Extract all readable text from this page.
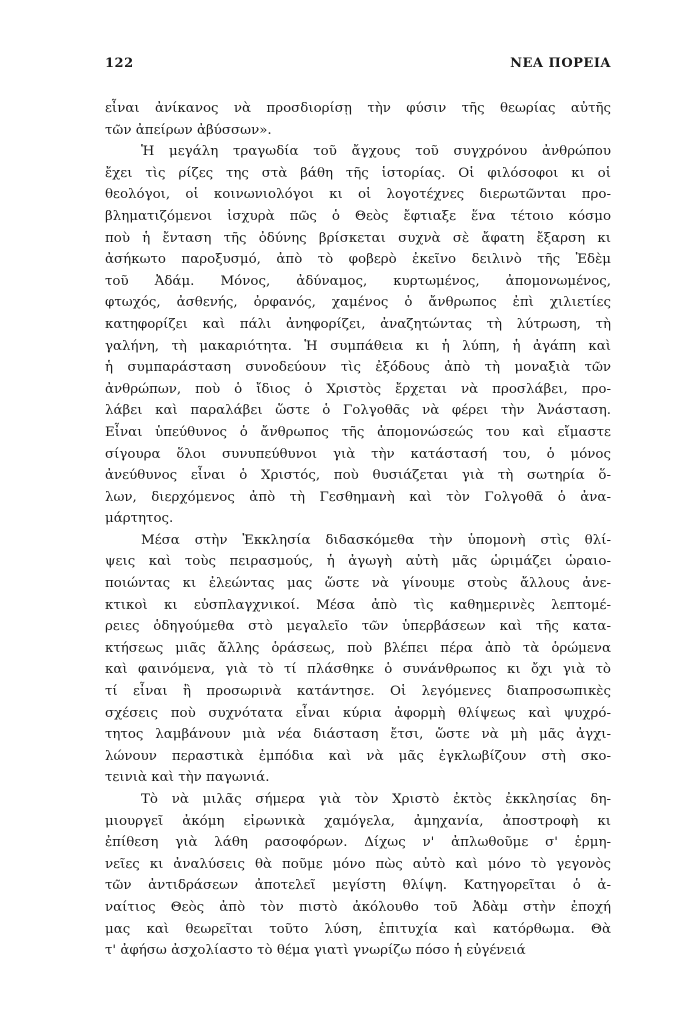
122	ΝΕΑ ΠΟΡΕΙΑ
εἶναι ἀνίκανος νὰ προσδιορίσῃ τὴν φύσιν τῆς θεωρίας αὐτῆς
τῶν ἀπείρων ἀβύσσων».
Ἡ μεγάλη τραγωδία τοῦ ἄγχους τοῦ συγχρόνου ἀνθρώπου
ἔχει τὶς ρίζες της στὰ βάθη τῆς ἱστορίας. Οἱ φιλόσοφοι κι οἱ
θεολόγοι, οἱ κοινωνιολόγοι κι οἱ λογοτέχνες διερωτῶνται προ-
βληματιζόμενοι ἰσχυρὰ πῶς ὁ Θεὸς ἔφτιαξε ἕνα τέτοιο κόσμο
ποὺ ἡ ἔνταση τῆς ὀδύνης βρίσκεται συχνὰ σὲ ἄφατη ἔξαρση κι
ἀσήκωτο παροξυσμό, ἀπὸ τὸ φοβερὸ ἐκεῖνο δειλινὸ τῆς Ἐδὲμ
τοῦ Ἀδάμ. Μόνος, ἀδύναμος, κυρτωμένος, ἀπομονωμένος,
φτωχός, ἀσθενής, ὀρφανός, χαμένος ὁ ἄνθρωπος ἐπὶ χιλιετίες
κατηφορίζει καὶ πάλι ἀνηφορίζει, ἀναζητώντας τὴ λύτρωση, τὴ
γαλήνη, τὴ μακαριότητα. Ἡ συμπάθεια κι ἡ λύπη, ἡ ἀγάπη καὶ
ἡ συμπαράσταση συνοδεύουν τὶς ἐξόδους ἀπὸ τὴ μοναξιὰ τῶν
ἀνθρώπων, ποὺ ὁ ἴδιος ὁ Χριστὸς ἔρχεται νὰ προσλάβει, προ-
λάβει καὶ παραλάβει ὥστε ὁ Γολγοθᾶς νὰ φέρει τὴν Ἀνάσταση.
Εἶναι ὑπεύθυνος ὁ ἄνθρωπος τῆς ἀπομονώσεώς του καὶ εἴμαστε
σίγουρα ὅλοι συνυπεύθυνοι γιὰ τὴν κατάστασή του, ὁ μόνος
ἀνεύθυνος εἶναι ὁ Χριστός, ποὺ θυσιάζεται γιὰ τὴ σωτηρία ὅ-
λων, διερχόμενος ἀπὸ τὴ Γεσθημανὴ καὶ τὸν Γολγοθᾶ ὁ ἀνα-
μάρτητος.
Μέσα στὴν Ἐκκλησία διδασκόμεθα τὴν ὑπομονὴ στὶς θλί-
ψεις καὶ τοὺς πειρασμούς, ἡ ἀγωγὴ αὐτὴ μᾶς ὡριμάζει ὡραιο-
ποιώντας κι ἐλεώντας μας ὥστε νὰ γίνουμε στοὺς ἄλλους ἀνε-
κτικοὶ κι εὐσπλαγχνικοί. Μέσα ἀπὸ τὶς καθημερινὲς λεπτομέ-
ρειες ὁδηγούμεθα στὸ μεγαλεῖο τῶν ὑπερβάσεων καὶ τῆς κατα-
κτήσεως μιᾶς ἄλλης ὁράσεως, ποὺ βλέπει πέρα ἀπὸ τὰ ὁρώμενα
καὶ φαινόμενα, γιὰ τὸ τί πλάσθηκε ὁ συνάνθρωπος κι ὄχι γιὰ τὸ
τί εἶναι ἢ προσωρινὰ κατάντησε. Οἱ λεγόμενες διαπροσωπικὲς
σχέσεις ποὺ συχνότατα εἶναι κύρια ἀφορμὴ θλίψεως καὶ ψυχρό-
τητος λαμβάνουν μιὰ νέα διάσταση ἔτσι, ὥστε νὰ μὴ μᾶς ἀγχι-
λώνουν περαστικὰ ἐμπόδια καὶ νὰ μᾶς ἐγκλωβίζουν στὴ σκο-
τεινιὰ καὶ τὴν παγωνιά.
Τὸ νὰ μιλᾶς σήμερα γιὰ τὸν Χριστὸ ἐκτὸς ἐκκλησίας δη-
μιουργεῖ ἀκόμη εἰρωνικὰ χαμόγελα, ἀμηχανία, ἀποστροφὴ κι
ἐπίθεση γιὰ λάθη ρασοφόρων. Δίχως ν' ἀπλωθοῦμε σ' ἑρμη-
νεῖες κι ἀναλύσεις θὰ ποῦμε μόνο πὼς αὐτὸ καὶ μόνο τὸ γεγονὸς
τῶν ἀντιδράσεων ἀποτελεῖ μεγίστη θλίψη. Κατηγορεῖται ὁ ἀ-
ναίτιος Θεὸς ἀπὸ τὸν πιστὸ ἀκόλουθο τοῦ Ἀδὰμ στὴν ἐποχή
μας καὶ θεωρεῖται τοῦτο λύση, ἐπιτυχία καὶ κατόρθωμα. Θὰ
τ' ἀφήσω ἀσχολίαστο τὸ θέμα γιατὶ γνωρίζω πόσο ἡ εὐγένειά
